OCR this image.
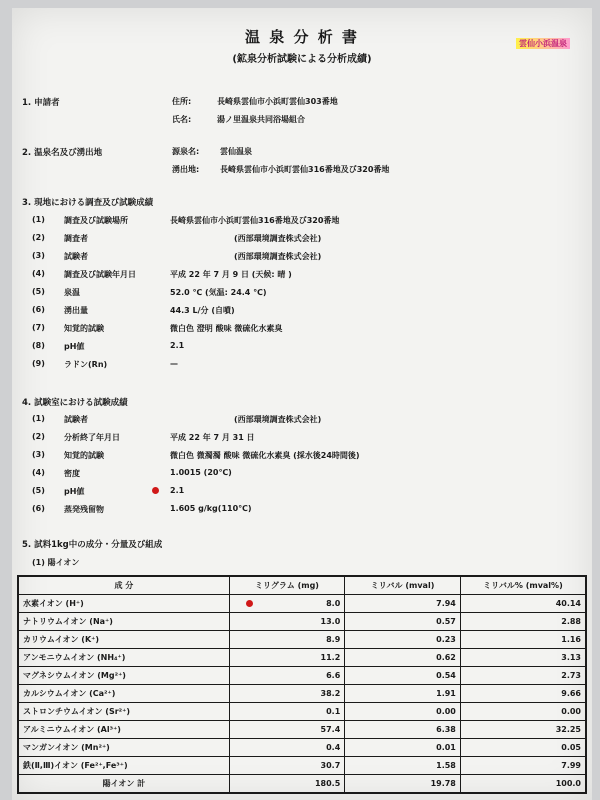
温 泉 分 析 書
(鉱泉分析試験による分析成績)
雲仙小浜温泉
1. 申請者	住所:	長崎県雲仙市小浜町雲仙303番地
氏名:	湯ノ里温泉共同浴場組合
2. 温泉名及び湧出地	源泉名:	雲仙温泉
湧出地:	長崎県雲仙市小浜町雲仙316番地及び320番地
3. 現地における調査及び試験成績
(1) 調査及び試験場所	長崎県雲仙市小浜町雲仙316番地及び320番地
(2) 調査者	(西部環境調査株式会社)
(3) 試験者	(西部環境調査株式会社)
(4) 調査及び試験年月日	平成 22 年 7 月 9 日 (天候: 晴 )
(5) 泉温	52.0 ℃ (気温: 24.4 ℃)
(6) 湧出量	44.3 L/分 (自噴)
(7) 知覚的試験	微白色 澄明 酸味 微硫化水素臭
(8) pH値	2.1
(9) ラドン(Rn)	—
4. 試験室における試験成績
(1) 試験者	(西部環境調査株式会社)
(2) 分析終了年月日	平成 22 年 7 月 31 日
(3) 知覚的試験	微白色 微濁濁 酸味 微硫化水素臭 (採水後24時間後)
(4) 密度	1.0015 (20℃)
(5) pH値	2.1
(6) 蒸発残留物	1.605 g/kg(110℃)
5. 試料1kg中の成分・分量及び組成
(1) 陽イオン
成 分	ミリグラム (mg)	ミリバル (mval)	ミリバル% (mval%)
水素イオン (H⁺)	8.0	7.94	40.14
ナトリウムイオン (Na⁺)	13.0	0.57	2.88
カリウムイオン (K⁺)	8.9	0.23	1.16
アンモニウムイオン (NH₄⁺)	11.2	0.62	3.13
マグネシウムイオン (Mg²⁺)	6.6	0.54	2.73
カルシウムイオン (Ca²⁺)	38.2	1.91	9.66
ストロンチウムイオン (Sr²⁺)	0.1	0.00	0.00
アルミニウムイオン (Al³⁺)	57.4	6.38	32.25
マンガンイオン (Mn²⁺)	0.4	0.01	0.05
鉄(Ⅱ,Ⅲ)イオン (Fe²⁺,Fe³⁺)	30.7	1.58	7.99
陽イオン 計	180.5	19.78	100.0
